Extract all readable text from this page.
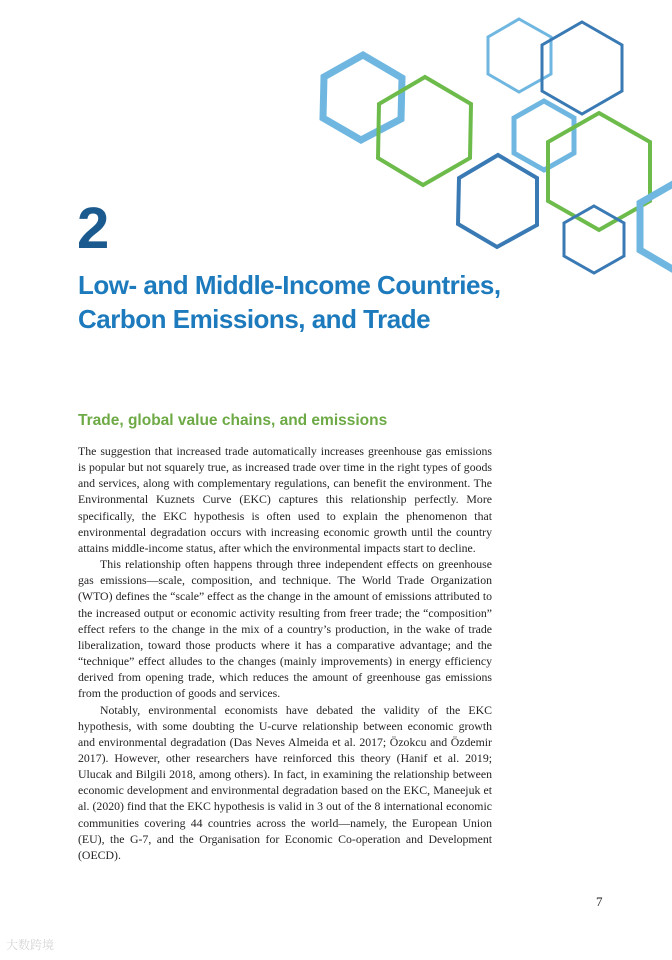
2
Low- and Middle-Income Countries,
Carbon Emissions, and Trade
Trade, global value chains, and emissions

The suggestion that increased trade automatically increases greenhouse gas emissions is popular but not squarely true, as increased trade over time in the right types of goods and services, along with complementary regulations, can benefit the environment. The Environmental Kuznets Curve (EKC) captures this relationship perfectly. More specifically, the EKC hypothesis is often used to explain the phenomenon that environmental degradation occurs with increasing economic growth until the country attains middle-income status, after which the environmental impacts start to decline.

This relationship often happens through three independent effects on greenhouse gas emissions—scale, composition, and technique. The World Trade Organization (WTO) defines the “scale” effect as the change in the amount of emissions attributed to the increased output or economic activity resulting from freer trade; the “composition” effect refers to the change in the mix of a country’s production, in the wake of trade liberalization, toward those products where it has a comparative advantage; and the “technique” effect alludes to the changes (mainly improvements) in energy efficiency derived from opening trade, which reduces the amount of greenhouse gas emissions from the production of goods and services.

Notably, environmental economists have debated the validity of the EKC hypothesis, with some doubting the U-curve relationship between economic growth and environmental degradation (Das Neves Almeida et al. 2017; Özokcu and Özdemir 2017). However, other researchers have reinforced this theory (Hanif et al. 2019; Ulucak and Bilgili 2018, among others). In fact, in examining the relationship between economic development and environmental degradation based on the EKC, Maneejuk et al. (2020) find that the EKC hypothesis is valid in 3 out of the 8 international economic communities covering 44 countries across the world—namely, the European Union (EU), the G-7, and the Organisation for Economic Co-operation and Development (OECD).

7
大数跨境
